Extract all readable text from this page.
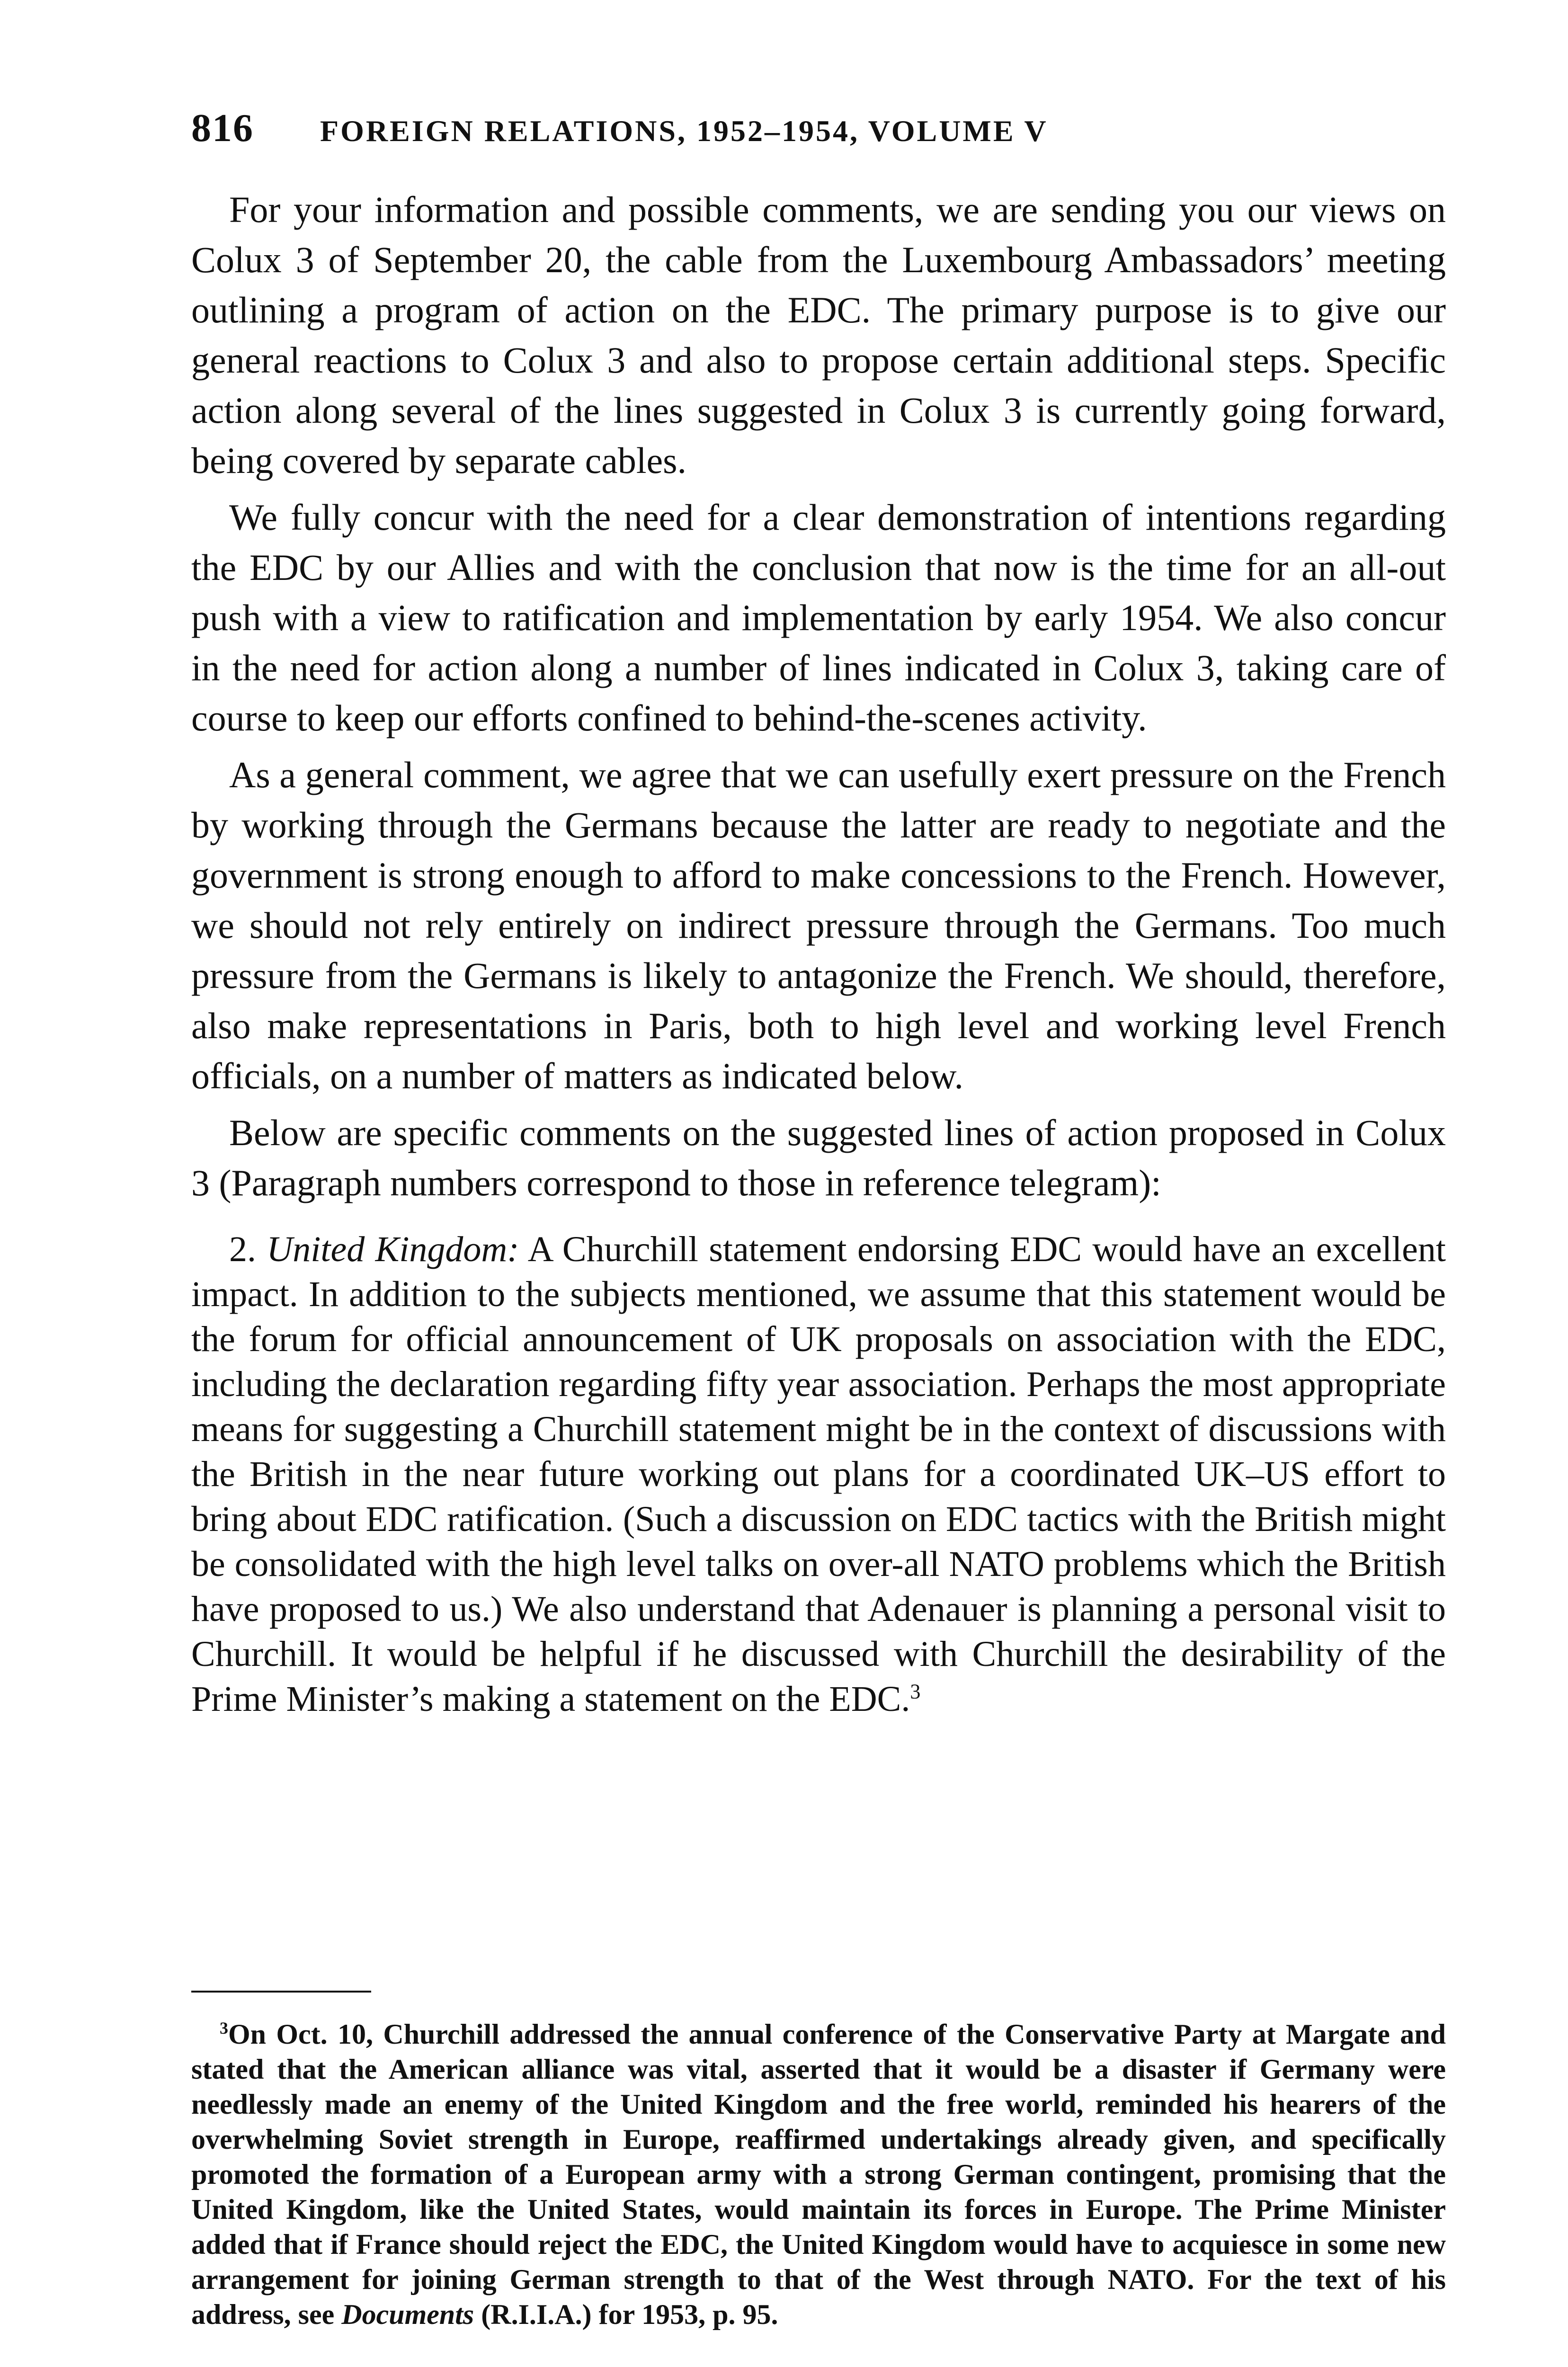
816 FOREIGN RELATIONS, 1952–1954, VOLUME V

For your information and possible comments, we are sending you our views on Colux 3 of September 20, the cable from the Luxembourg Ambassadors’ meeting outlining a program of action on the EDC. The primary purpose is to give our general reactions to Colux 3 and also to propose certain additional steps. Specific action along several of the lines suggested in Colux 3 is currently going forward, being covered by separate cables.

We fully concur with the need for a clear demonstration of intentions regarding the EDC by our Allies and with the conclusion that now is the time for an all-out push with a view to ratification and implementation by early 1954. We also concur in the need for action along a number of lines indicated in Colux 3, taking care of course to keep our efforts confined to behind-the-scenes activity.

As a general comment, we agree that we can usefully exert pressure on the French by working through the Germans because the latter are ready to negotiate and the government is strong enough to afford to make concessions to the French. However, we should not rely entirely on indirect pressure through the Germans. Too much pressure from the Germans is likely to antagonize the French. We should, therefore, also make representations in Paris, both to high level and working level French officials, on a number of matters as indicated below.

Below are specific comments on the suggested lines of action proposed in Colux 3 (Paragraph numbers correspond to those in reference telegram):

2. United Kingdom: A Churchill statement endorsing EDC would have an excellent impact. In addition to the subjects mentioned, we assume that this statement would be the forum for official announcement of UK proposals on association with the EDC, including the declaration regarding fifty year association. Perhaps the most appropriate means for suggesting a Churchill statement might be in the context of discussions with the British in the near future working out plans for a coordinated UK–US effort to bring about EDC ratification. (Such a discussion on EDC tactics with the British might be consolidated with the high level talks on over-all NATO problems which the British have proposed to us.) We also understand that Adenauer is planning a personal visit to Churchill. It would be helpful if he discussed with Churchill the desirability of the Prime Minister’s making a statement on the EDC.$^3$

$^3$On Oct. 10, Churchill addressed the annual conference of the Conservative Party at Margate and stated that the American alliance was vital, asserted that it would be a disaster if Germany were needlessly made an enemy of the United Kingdom and the free world, reminded his hearers of the overwhelming Soviet strength in Europe, reaffirmed undertakings already given, and specifically promoted the formation of a European army with a strong German contingent, promising that the United Kingdom, like the United States, would maintain its forces in Europe. The Prime Minister added that if France should reject the EDC, the United Kingdom would have to acquiesce in some new arrangement for joining German strength to that of the West through NATO. For the text of his address, see Documents (R.I.I.A.) for 1953, p. 95.
